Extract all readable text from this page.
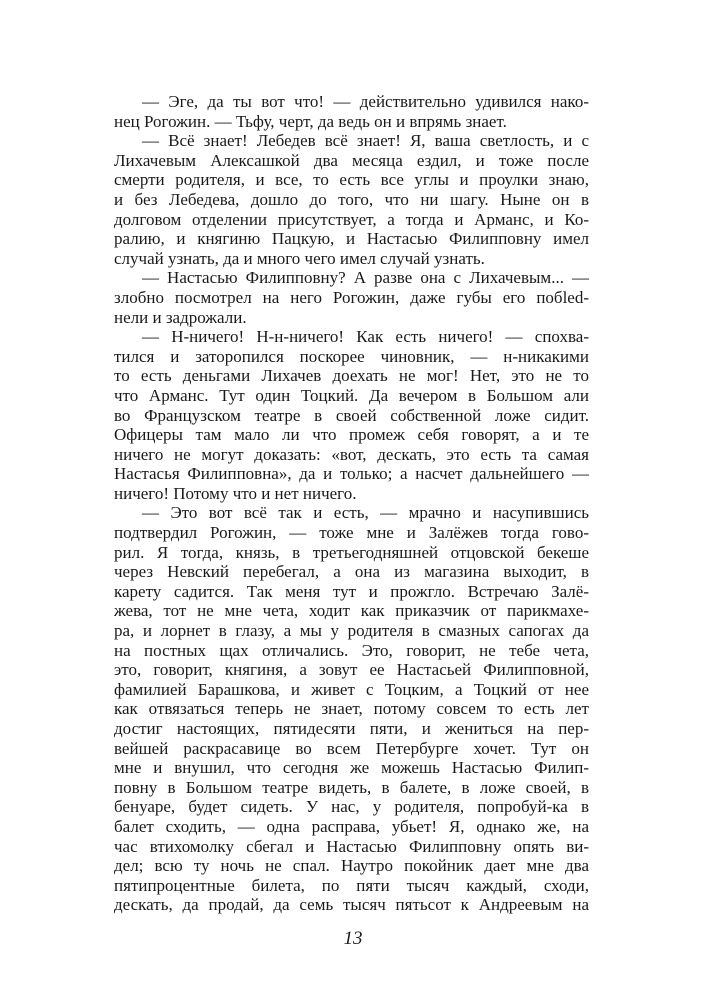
— Эге, да ты вот что! — действительно удивился нако-
нец Рогожин. — Тьфу, черт, да ведь он и впрямь знает.
— Всё знает! Лебедев всё знает! Я, ваша светлость, и с
Лихачевым Алексашкой два месяца ездил, и тоже после
смерти родителя, и все, то есть все углы и проулки знаю,
и без Лебедева, дошло до того, что ни шагу. Ныне он в
долговом отделении присутствует, а тогда и Арманс, и Ко-
ралию, и княгиню Пацкую, и Настасью Филипповну имел
случай узнать, да и много чего имел случай узнать.
— Настасью Филипповну? А разве она с Лихачевым... —
злобно посмотрел на него Рогожин, даже губы его побled-
нели и задрожали.
— Н-ничего! Н-н-ничего! Как есть ничего! — спохва-
тился и заторопился поскорее чиновник, — н-никакими
то есть деньгами Лихачев доехать не мог! Нет, это не то
что Арманс. Тут один Тоцкий. Да вечером в Большом али
во Французском театре в своей собственной ложе сидит.
Офицеры там мало ли что промеж себя говорят, а и те
ничего не могут доказать: «вот, дескать, это есть та самая
Настасья Филипповна», да и только; а насчет дальнейшего —
ничего! Потому что и нет ничего.
— Это вот всё так и есть, — мрачно и насупившись
подтвердил Рогожин, — тоже мне и Залёжев тогда гово-
рил. Я тогда, князь, в третьегодняшней отцовской бекеше
через Невский перебегал, а она из магазина выходит, в
карету садится. Так меня тут и прожгло. Встречаю Залё-
жева, тот не мне чета, ходит как приказчик от парикмахе-
ра, и лорнет в глазу, а мы у родителя в смазных сапогах да
на постных щах отличались. Это, говорит, не тебе чета,
это, говорит, княгиня, а зовут ее Настасьей Филипповной,
фамилией Барашкова, и живет с Тоцким, а Тоцкий от нее
как отвязаться теперь не знает, потому совсем то есть лет
достиг настоящих, пятидесяти пяти, и жениться на пер-
вейшей раскрасавице во всем Петербурге хочет. Тут он
мне и внушил, что сегодня же можешь Настасью Филип-
повну в Большом театре видеть, в балете, в ложе своей, в
бенуаре, будет сидеть. У нас, у родителя, попробуй-ка в
балет сходить, — одна расправа, убьет! Я, однако же, на
час втихомолку сбегал и Настасью Филипповну опять ви-
дел; всю ту ночь не спал. Наутро покойник дает мне два
пятипроцентные билета, по пяти тысяч каждый, сходи,
дескать, да продай, да семь тысяч пятьсот к Андреевым на
13
